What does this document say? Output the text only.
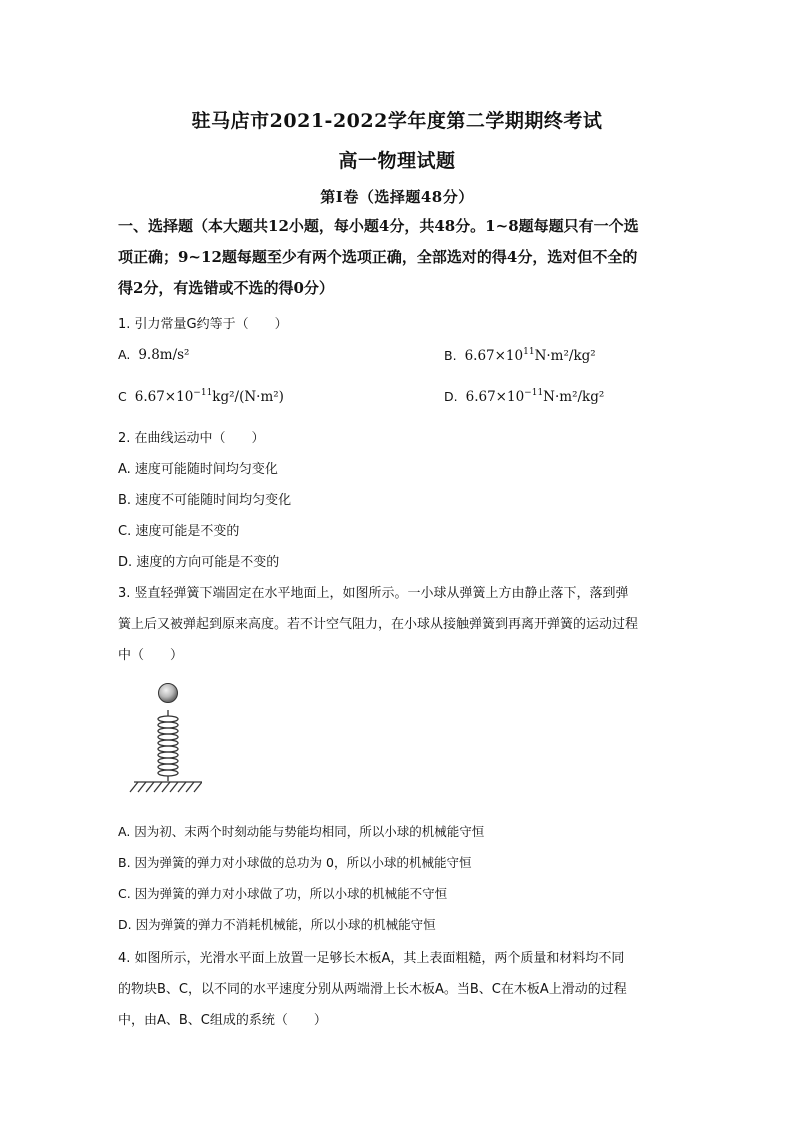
驻马店市2021-2022学年度第二学期期终考试
高一物理试题
第Ⅰ卷（选择题48分）
一、选择题（本大题共12小题，每小题4分，共48分。1~8题每题只有一个选
项正确；9~12题每题至少有两个选项正确，全部选对的得4分，选对但不全的
得2分，有选错或不选的得0分）
1. 引力常量G约等于（　　）
A. 9.8m/s²	B. $6.67\times 10^{11}N\cdot m^2$/kg²
C $6.67\times 10^{-11}kg^2/(N\cdot m^2)$	D. $6.67\times 10^{-11}N\cdot m^2$/kg²
2. 在曲线运动中（　　）
A. 速度可能随时间均匀变化
B. 速度不可能随时间均匀变化
C. 速度可能是不变的
D. 速度的方向可能是不变的
3. 竖直轻弹簧下端固定在水平地面上，如图所示。一小球从弹簧上方由静止落下，落到弹
簧上后又被弹起到原来高度。若不计空气阻力，在小球从接触弹簧到再离开弹簧的运动过程
中（　　）
A. 因为初、末两个时刻动能与势能均相同，所以小球的机械能守恒
B. 因为弹簧的弹力对小球做的总功为 0，所以小球的机械能守恒
C. 因为弹簧的弹力对小球做了功，所以小球的机械能不守恒
D. 因为弹簧的弹力不消耗机械能，所以小球的机械能守恒
4. 如图所示，光滑水平面上放置一足够长木板A，其上表面粗糙，两个质量和材料均不同
的物块B、C，以不同的水平速度分别从两端滑上长木板A。当B、C在木板A上滑动的过程
中，由A、B、C组成的系统（　　）
